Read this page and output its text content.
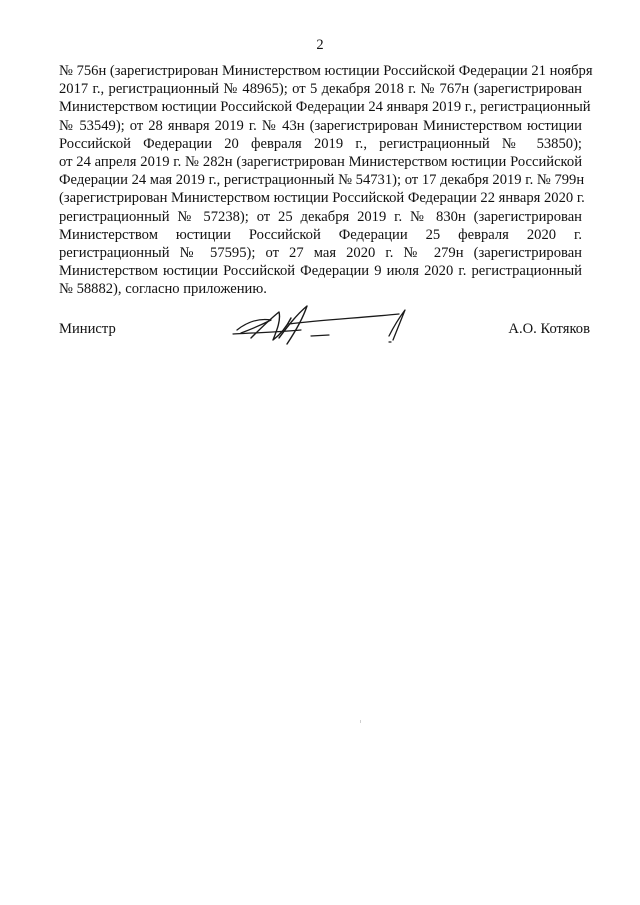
2
№ 756н (зарегистрирован Министерством юстиции Российской Федерации 21 ноября
2017 г., регистрационный № 48965); от 5 декабря 2018 г. № 767н (зарегистрирован
Министерством юстиции Российской Федерации 24 января 2019 г., регистрационный
№ 53549); от 28 января 2019 г. № 43н (зарегистрирован Министерством юстиции
Российской Федерации 20 февраля 2019 г., регистрационный № 53850);
от 24 апреля 2019 г. № 282н (зарегистрирован Министерством юстиции Российской
Федерации 24 мая 2019 г., регистрационный № 54731); от 17 декабря 2019 г. № 799н
(зарегистрирован Министерством юстиции Российской Федерации 22 января 2020 г.
регистрационный № 57238); от 25 декабря 2019 г. № 830н (зарегистрирован
Министерством юстиции Российской Федерации 25 февраля 2020 г.
регистрационный № 57595); от 27 мая 2020 г. № 279н (зарегистрирован
Министерством юстиции Российской Федерации 9 июля 2020 г. регистрационный
№ 58882), согласно приложению.
Министр	А.О. Котяков
